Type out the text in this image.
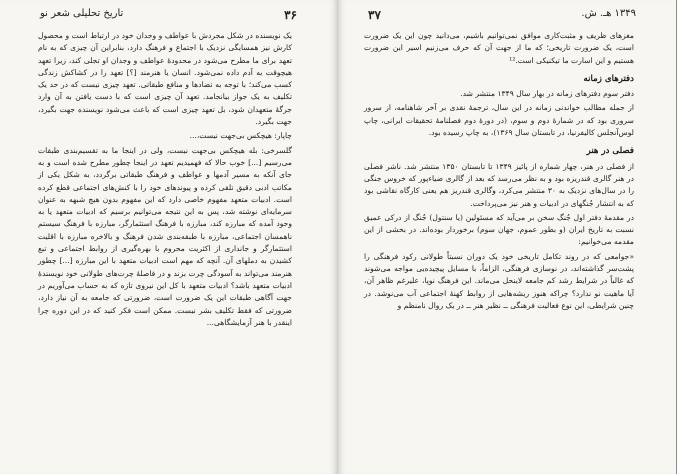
۳۶
تاریخ تحلیلی شعر نو

یک نویسنده در شکل مجردش با عواطف و وجدان خود در ارتباط است و محصول کارش نیز همسایگی نزدیک با اجتماع و فرهنگ دارد، بنابراین آن چیزی که به نام تعهد برای ما مطرح می‌شود در محدودهٔ عواطف و وجدان او تجلی کند، زیرا تعهد هیچوقت به آدم داده نمی‌شود. انسان یا هنرمند [؟] تعهد را در کشاکش زندگی کسب می‌کند؛ با توجه به تضادها و منافع طبقاتی. تعهد چیزی نیست که در حد یک تکلیف به یک جواز بیانجامد. تعهد آن چیزی است که با دست یافتن به آن وارد جرگهٔ متعهدان شود، بل تعهد چیزی است که باعث می‌شود نویسنده جهت بگیرد، جهت بگیرد.

چاپار: هیچکس بی‌جهت نیست،...

گلسرخی: بله هیچکس بی‌جهت نیست، ولی در اینجا ما به تقسیم‌بندی طبقات می‌رسیم [...] خوب حالا که فهمیدیم تعهد در اینجا چطور مطرح شده است و به جای آنکه به مسیر آدمها و عواطف و فرهنگ طبقاتی برگردد، به شکل یکی از مکاتب ادبی دقیق تلقی کرده و پیوندهای خود را با کنش‌های اجتماعی قطع کرده است. ادبیات متعهد مفهوم خاصی دارد که این مفهوم بدون هیچ شبهه به عنوان سرمایه‌ای نوشته شد، پس به این نتیجه می‌توانیم برسیم که ادبیات متعهد یا به وجود آمده که مبارزه کند، مبارزه با فرهنگ استثمارگر، مبارزه با فرهنگ سیستم ناهمسان اجتماعی، مبارزه با طبقه‌بندی شدن فرهنگ و بالاخره مبارزه با اقلیت استثمارگر و جانداری از اکثریت محروم با بهره‌گیری از روابط اجتماعی و تبع کشیدن به دملهای آن. آنچه که مهم است ادبیات متعهد با این مبارزه [...] چطور هنرمند می‌تواند به آسودگی چرت بزند و در فاصلهٔ چرت‌های طولانی خود نویسندهٔ ادبیات متعهد باشد؟ ادبیات متعهد با کل این نیروی تازه که به حساب می‌آوریم در جهت آگاهی طبقات این یک ضرورت است، ضرورتی که جامعه به آن نیاز دارد، ضرورتی که فقط تکلیف بشر نیست. ممکن است فکر کنید که در این دوره چرا اینقدر با هنر آزمایشگاهی...

۱۳۴۹ هـ. ش.
۳۷

مغزهای ظریف و مثبت‌کاری موافق نمی‌توانیم باشیم، می‌دانید چون این یک ضرورت است، یک ضرورت تاریخی؛ که ما از جهت آن که حرف می‌زنیم اسیر این ضرورت هستیم و این اسارت ما تیکنیکی است.¹²

دفترهای زمانه

دفتر سوم دفترهای زمانه در بهار سال ۱۳۴۹ منتشر شد.

از جمله مطالب خواندنی زمانه در این سال، ترجمهٔ نقدی بر آخر شاهنامه، از سرور سروری بود که در شمارهٔ دوم و سوم، (در دورهٔ دوم فصلنامهٔ تحقیقات ایرانی، چاپ لوس‌آنجلس کالیفرنیا، در تابستان سال ۱۳۶۹)، به چاپ رسیده بود.

فصلی در هنر

از فصلی در هنر، چهار شماره از پائیز ۱۳۴۹ تا تابستان ۱۳۵۰ منتشر شد. ناشر فصلی در هنر گالری قندریزه بود و به نظر می‌رسد که بعد از گالری ضیاءپور که خروس جنگی را در سال‌های نزدیک به ۳۰ منتشر می‌کرد، وگالری قندریز هم یعنی کارگاه نقاشی بود که به انتشار جُنگهای در ادبیات و هنر نیز می‌پرداخت.

در مقدمهٔ دفتر اول جُنگ سخن بر می‌آید که مسئولین (یا سنتول) جُنگ از درکی عمیق نسبت به تاریخ ایران (و بطور عموم، جهان سوم) برخوردار بوده‌اند. در بخشی از این مقدمه می‌خوانیم:

«جوامعی که در روند تکامل تاریخی خود یک دوران نسبتاً طولانی رکود فرهنگی را پشت‌سر گذاشته‌اند، در نوسازی فرهنگی، الزاماً، با مسایل پیچیده‌یی مواجه می‌شوند که غالباً در شرایط رشد کم جامعه لاینحل می‌ماند. این فرهنگ نوپا، علیرغم ظاهر آن، آیا ماهیت نو ندارد؟ چراکه هنوز ریشه‌هایی از روابط کهنهٔ اجتماعی آب می‌نوشد. در چنین شرایطی، این نوع فعالیت فرهنگی ــ نظیر هنر ــ در یک روال نامنظم و
